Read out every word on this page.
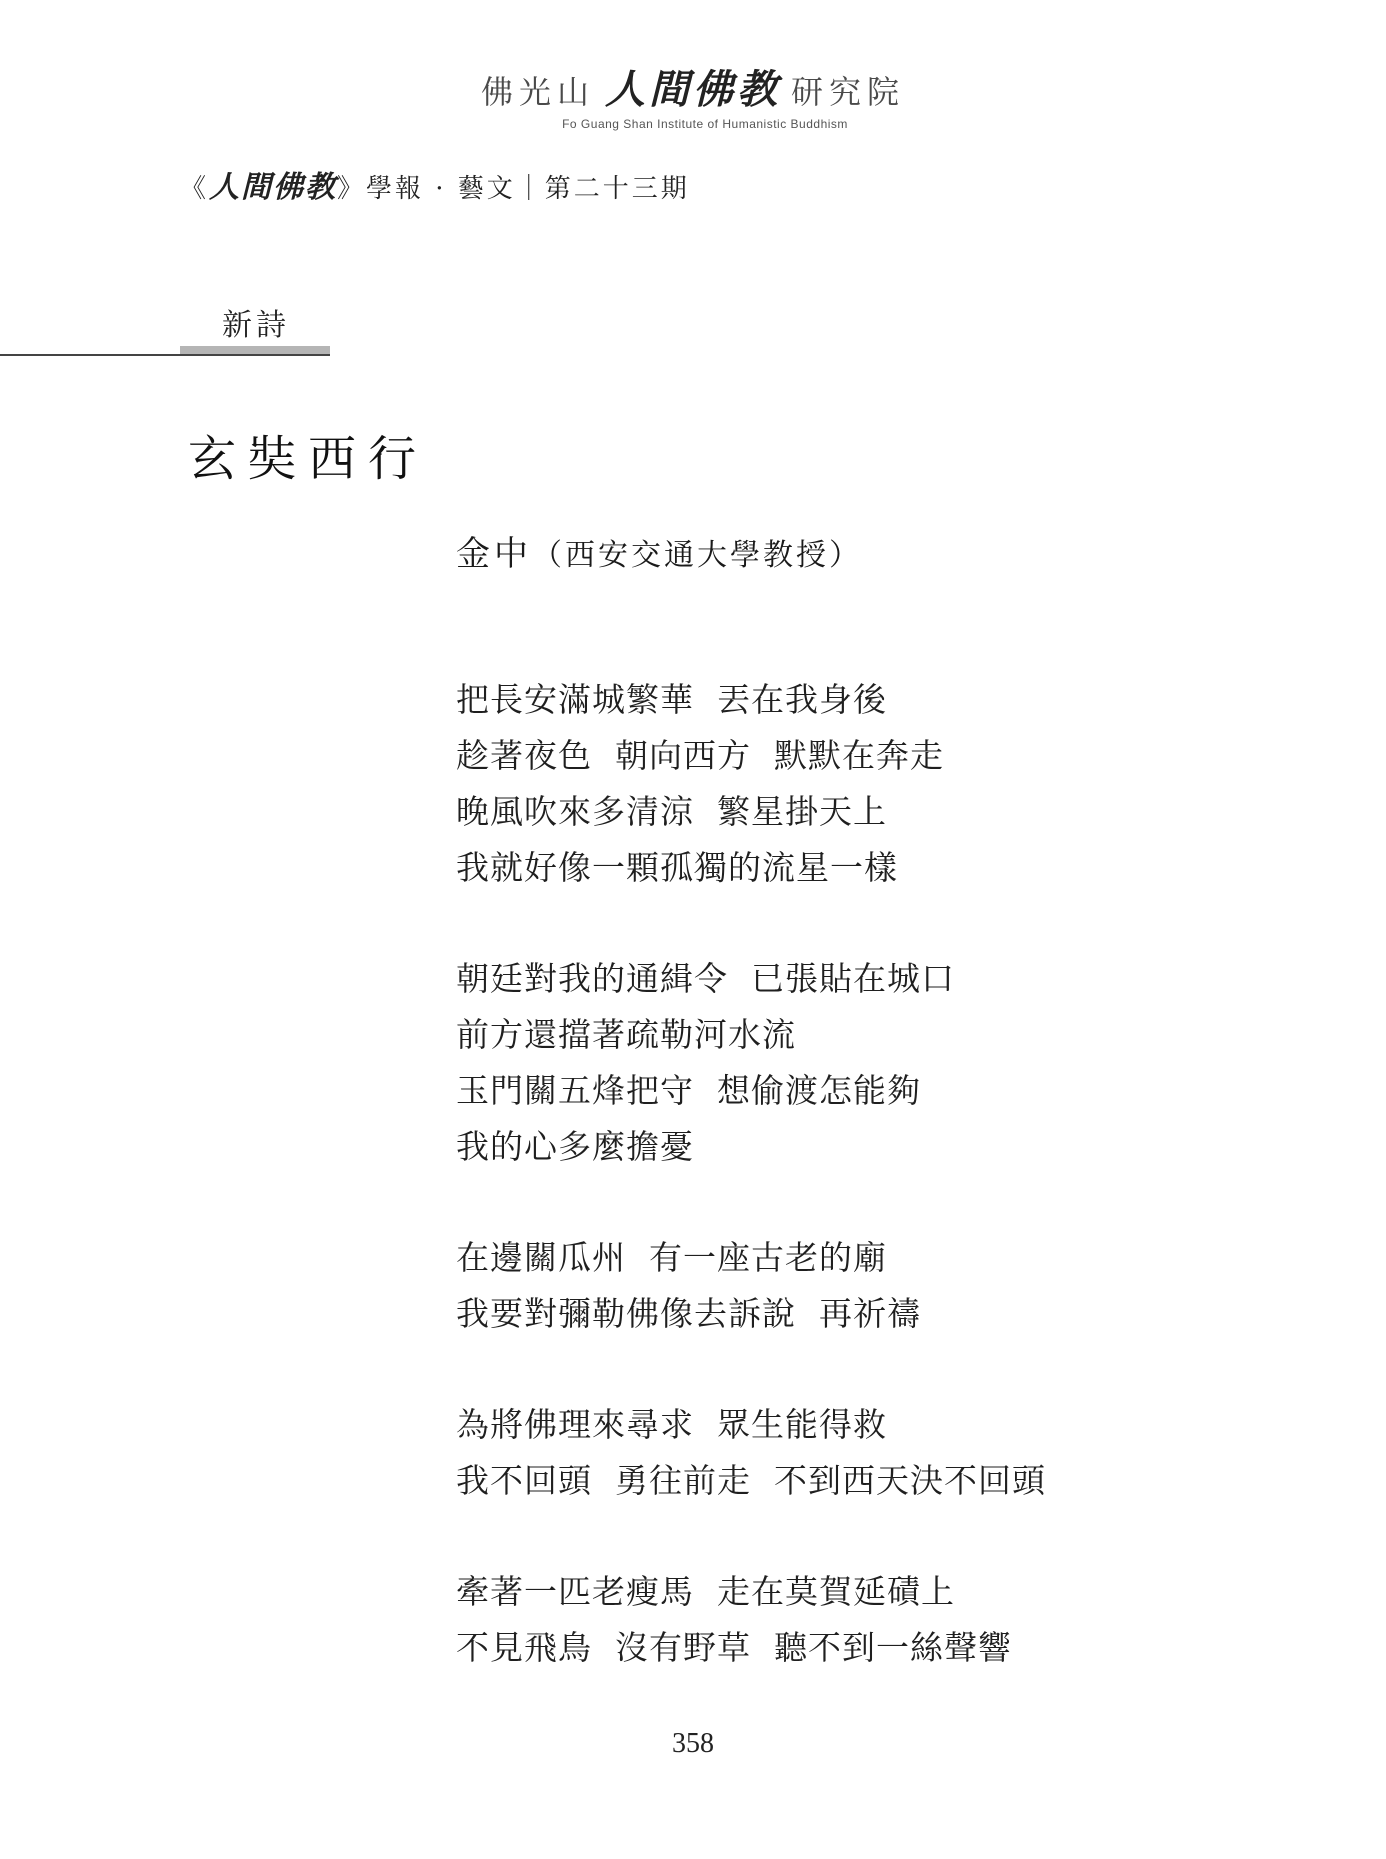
佛光山 人間佛教 研究院
Fo Guang Shan Institute of Humanistic Buddhism
《人間佛教》學報 · 藝文｜第二十三期
新詩
玄奘西行
金中（西安交通大學教授）
把長安滿城繁華  丟在我身後
趁著夜色  朝向西方  默默在奔走
晚風吹來多清涼  繁星掛天上
我就好像一顆孤獨的流星一樣
朝廷對我的通緝令  已張貼在城口
前方還擋著疏勒河水流
玉門關五烽把守  想偷渡怎能夠
我的心多麼擔憂
在邊關瓜州  有一座古老的廟
我要對彌勒佛像去訴說  再祈禱
為將佛理來尋求  眾生能得救
我不回頭  勇往前走  不到西天決不回頭
牽著一匹老瘦馬  走在莫賀延磧上
不見飛鳥  沒有野草  聽不到一絲聲響
358
